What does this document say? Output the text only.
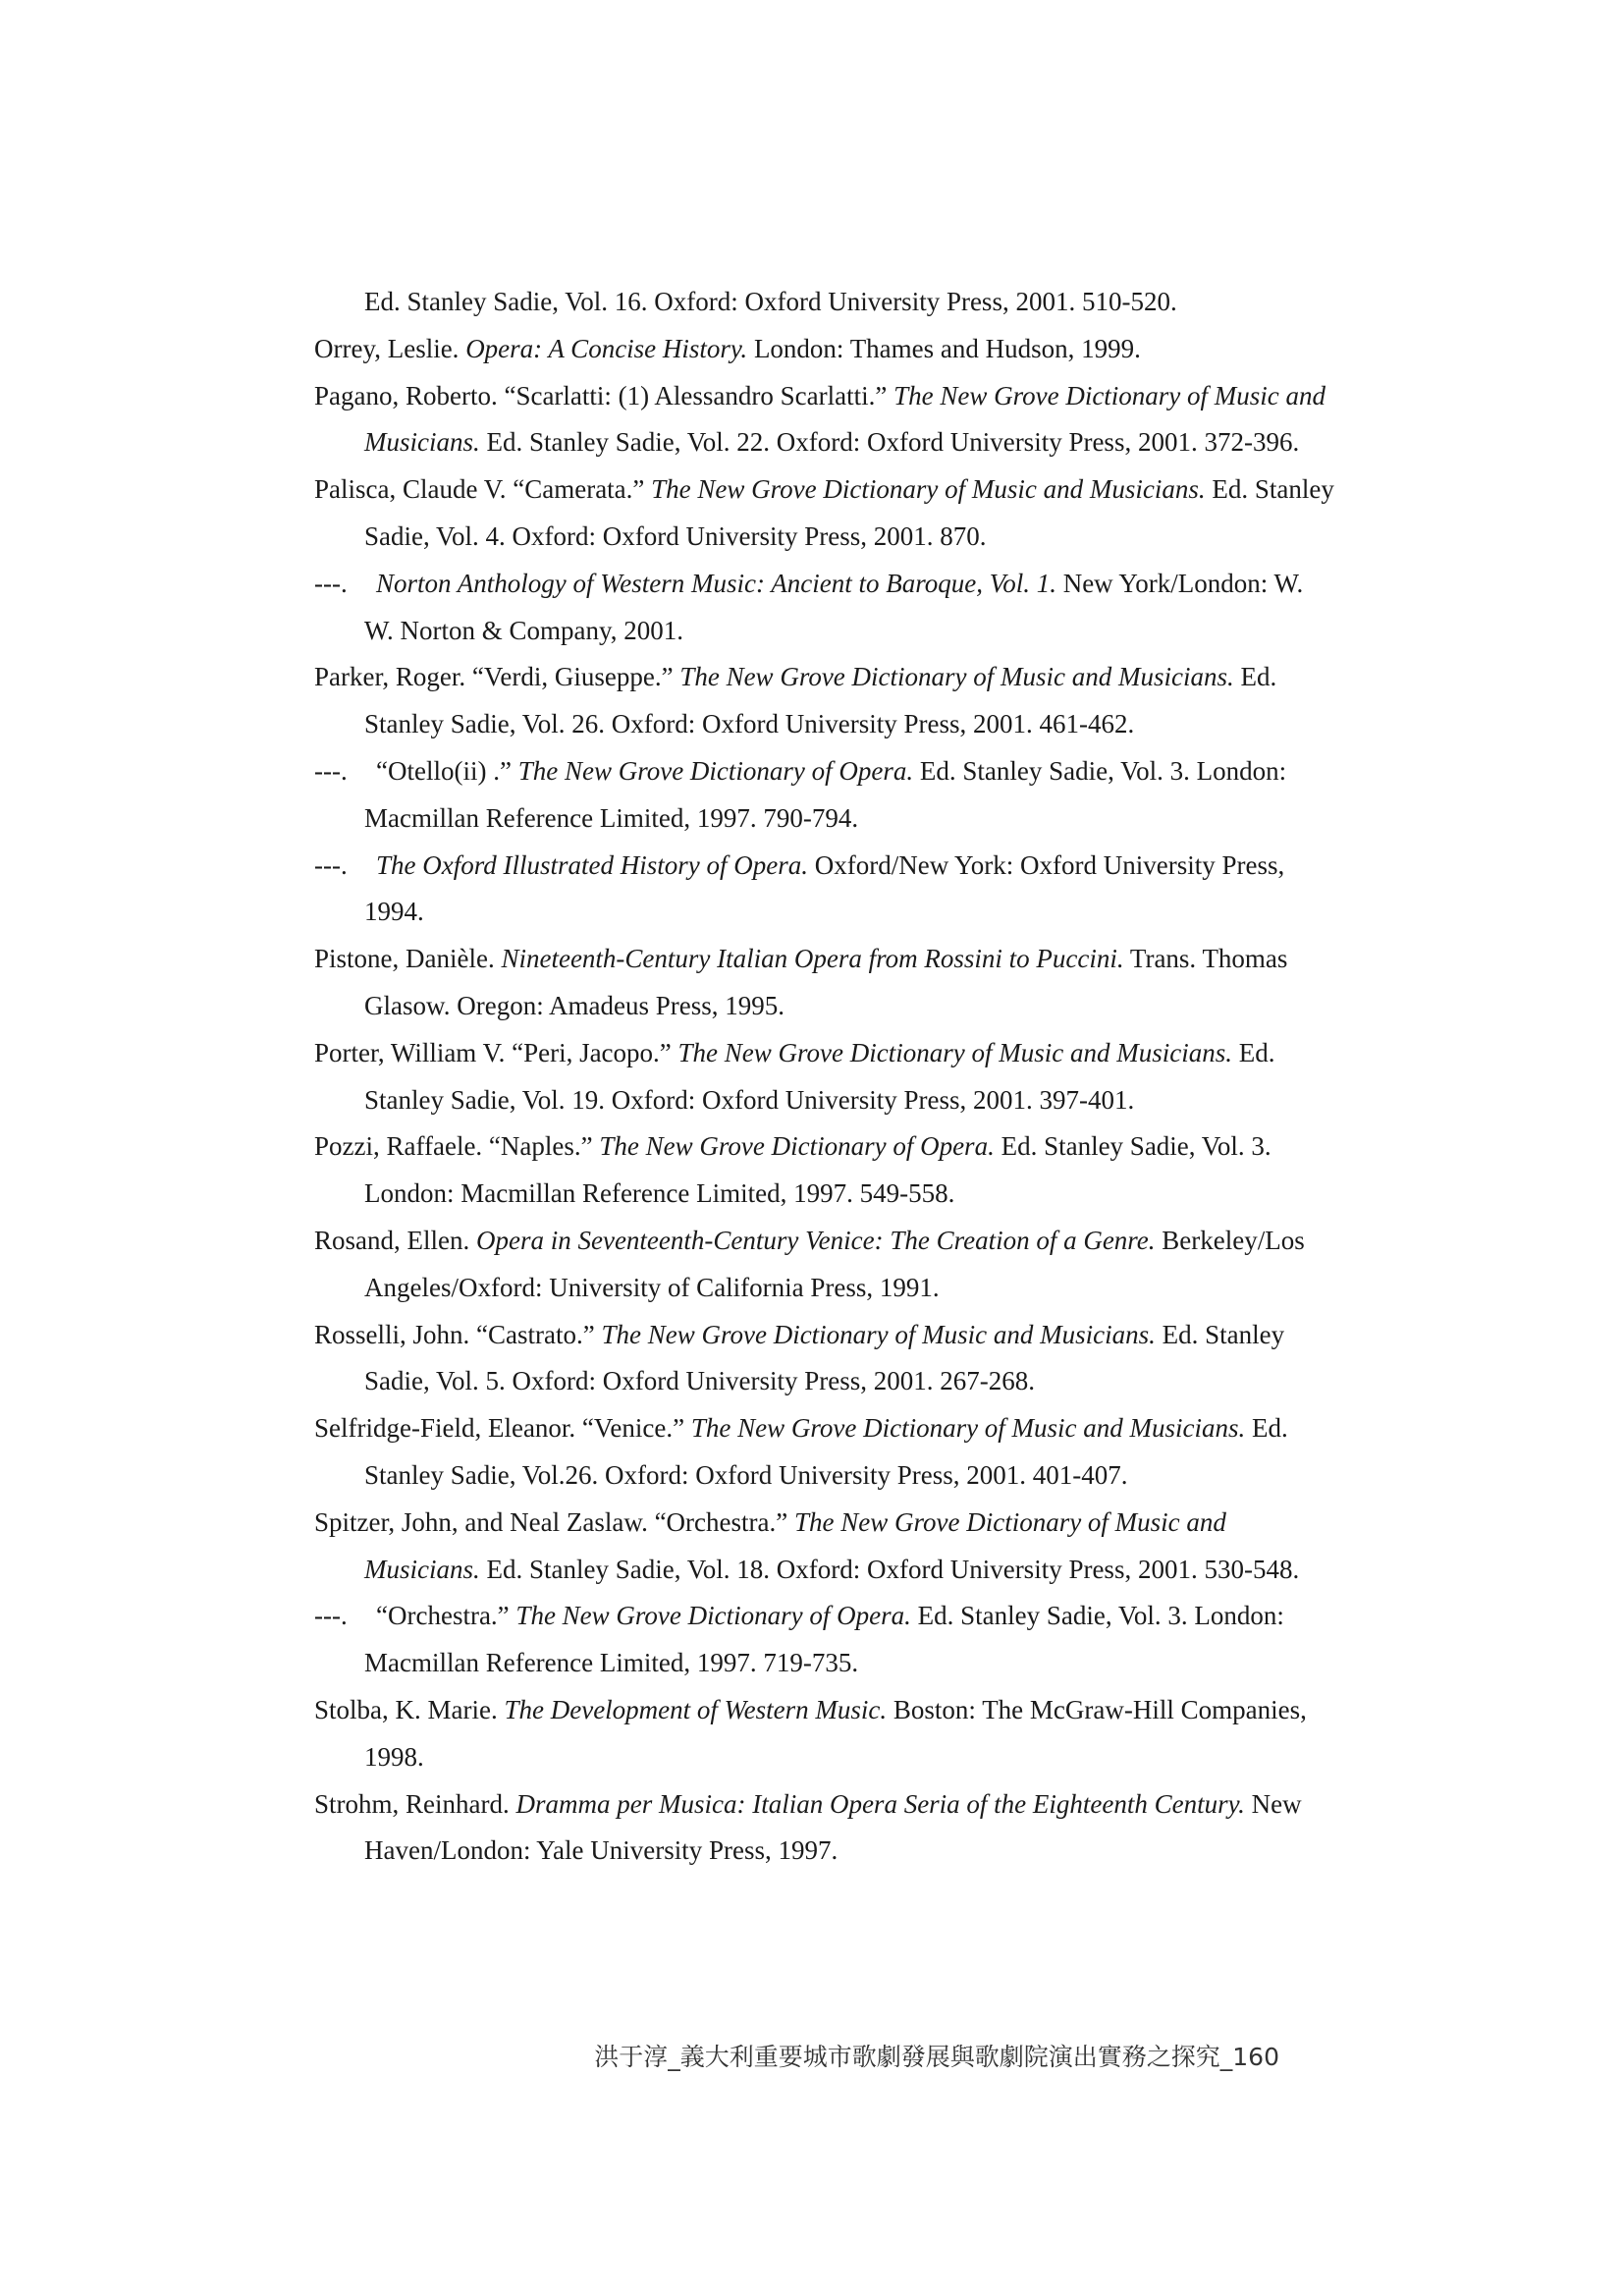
Ed. Stanley Sadie, Vol. 16. Oxford: Oxford University Press, 2001. 510-520.

Orrey, Leslie. Opera: A Concise History. London: Thames and Hudson, 1999.

Pagano, Roberto. “Scarlatti: (1) Alessandro Scarlatti.” The New Grove Dictionary of Music and Musicians. Ed. Stanley Sadie, Vol. 22. Oxford: Oxford University Press, 2001. 372-396.

Palisca, Claude V. “Camerata.” The New Grove Dictionary of Music and Musicians. Ed. Stanley Sadie, Vol. 4. Oxford: Oxford University Press, 2001. 870.

---. Norton Anthology of Western Music: Ancient to Baroque, Vol. 1. New York/London: W. W. Norton & Company, 2001.

Parker, Roger. “Verdi, Giuseppe.” The New Grove Dictionary of Music and Musicians. Ed. Stanley Sadie, Vol. 26. Oxford: Oxford University Press, 2001. 461-462.

---. “Otello(ii) .” The New Grove Dictionary of Opera. Ed. Stanley Sadie, Vol. 3. London: Macmillan Reference Limited, 1997. 790-794.

---. The Oxford Illustrated History of Opera. Oxford/New York: Oxford University Press, 1994.

Pistone, Danièle. Nineteenth-Century Italian Opera from Rossini to Puccini. Trans. Thomas Glasow. Oregon: Amadeus Press, 1995.

Porter, William V. “Peri, Jacopo.” The New Grove Dictionary of Music and Musicians. Ed. Stanley Sadie, Vol. 19. Oxford: Oxford University Press, 2001. 397-401.

Pozzi, Raffaele. “Naples.” The New Grove Dictionary of Opera. Ed. Stanley Sadie, Vol. 3. London: Macmillan Reference Limited, 1997. 549-558.

Rosand, Ellen. Opera in Seventeenth-Century Venice: The Creation of a Genre. Berkeley/Los Angeles/Oxford: University of California Press, 1991.

Rosselli, John. “Castrato.” The New Grove Dictionary of Music and Musicians. Ed. Stanley Sadie, Vol. 5. Oxford: Oxford University Press, 2001. 267-268.

Selfridge-Field, Eleanor. “Venice.” The New Grove Dictionary of Music and Musicians. Ed. Stanley Sadie, Vol.26. Oxford: Oxford University Press, 2001. 401-407.

Spitzer, John, and Neal Zaslaw. “Orchestra.” The New Grove Dictionary of Music and Musicians. Ed. Stanley Sadie, Vol. 18. Oxford: Oxford University Press, 2001. 530-548.

---. “Orchestra.” The New Grove Dictionary of Opera. Ed. Stanley Sadie, Vol. 3. London: Macmillan Reference Limited, 1997. 719-735.

Stolba, K. Marie. The Development of Western Music. Boston: The McGraw-Hill Companies, 1998.

Strohm, Reinhard. Dramma per Musica: Italian Opera Seria of the Eighteenth Century. New Haven/London: Yale University Press, 1997.

洪于淳_義大利重要城市歌劇發展與歌劇院演出實務之探究_160
